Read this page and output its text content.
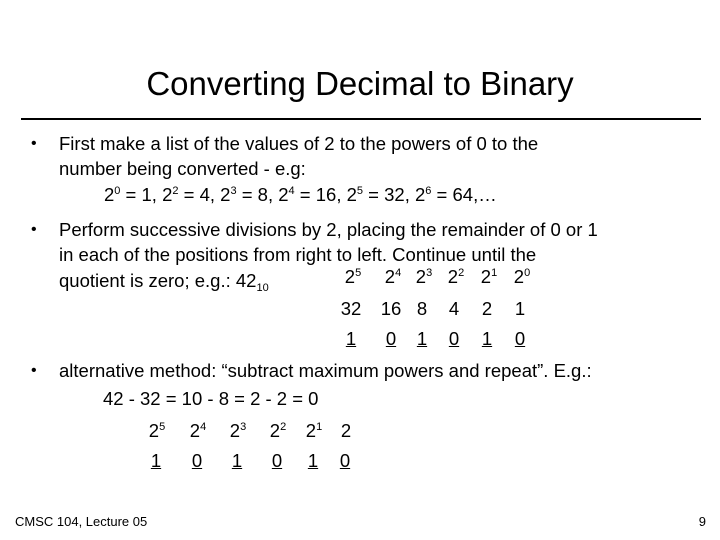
Converting Decimal to Binary
• First make a list of the values of 2 to the powers of 0 to the
number being converted - e.g:
$2^0 = 1$, $2^2 = 4$, $2^3 = 8$, $2^4 = 16$, $2^5 = 32$, $2^6$ = 64,…
• Perform successive divisions by 2, placing the remainder of 0 or 1
in each of the positions from right to left. Continue until the
quotient is zero; e.g.: $42_{10}$
$2^5$	$2^4$ $2^3$ $2^2$ $2^1$ $2^0$
32	16 8	4	2	1
1	0	1	0	1	0
• alternative method: “subtract maximum powers and repeat”. E.g.:
42 - 32 = 10 - 8 = 2 - 2 = 0
$2^5$	$2^4$	$2^3$	$2^2$	$2^1$	2
1	0	1	0	1	0
CMSC 104, Lecture 05	9
